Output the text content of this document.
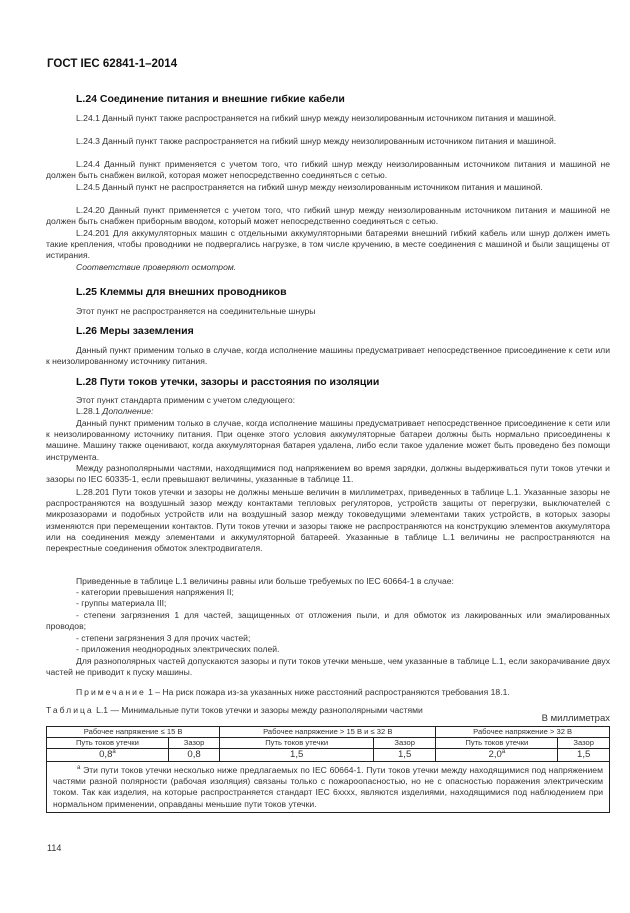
ГОСТ IEC 62841-1–2014
L.24 Соединение питания и внешние гибкие кабели
L.24.1 Данный пункт также распространяется на гибкий шнур между неизолированным источником питания и машиной.
L.24.3 Данный пункт также распространяется на гибкий шнур между неизолированным источником питания и машиной.
L.24.4 Данный пункт применяется с учетом того, что гибкий шнур между неизолированным источником питания и машиной не должен быть снабжен вилкой, которая может непосредственно соединяться с сетью.
L.24.5 Данный пункт не распространяется на гибкий шнур между неизолированным источником питания и машиной.
L.24.20 Данный пункт применяется с учетом того, что гибкий шнур между неизолированным источником питания и машиной не должен быть снабжен приборным вводом, который может непосредственно соединяться с сетью.
L.24.201 Для аккумуляторных машин с отдельными аккумуляторными батареями внешний гибкий кабель или шнур должен иметь такие крепления, чтобы проводники не подвергались нагрузке, в том числе кручению, в месте соединения с машиной и были защищены от истирания.
Соответствие проверяют осмотром.
L.25 Клеммы для внешних проводников
Этот пункт не распространяется на соединительные шнуры
L.26 Меры заземления
Данный пункт применим только в случае, когда исполнение машины предусматривает непосредственное присоединение к сети или к неизолированному источнику питания.
L.28 Пути токов утечки, зазоры и расстояния по изоляции
Этот пункт стандарта применим с учетом следующего:
L.28.1 Дополнение:
Данный пункт применим только в случае, когда исполнение машины предусматривает непосредственное присоединение к сети или к неизолированному источнику питания. При оценке этого условия аккумуляторные батареи должны быть нормально присоединены к машине. Машину также оценивают, когда аккумуляторная батарея удалена, либо если такое удаление может быть проведено без помощи инструмента.
Между разнополярными частями, находящимися под напряжением во время зарядки, должны выдерживаться пути токов утечки и зазоры по IEC 60335-1, если превышают величины, указанные в таблице 11.
L.28.201 Пути токов утечки и зазоры не должны меньше величин в миллиметрах, приведенных в таблице L.1. Указанные зазоры не распространяются на воздушный зазор между контактами тепловых регуляторов, устройств защиты от перегрузки, выключателей с микрозазорами и подобных устройств или на воздушный зазор между токоведущими элементами таких устройств, в которых зазоры изменяются при перемещении контактов. Пути токов утечки и зазоры также не распространяются на конструкцию элементов аккумулятора или на соединения между элементами и аккумуляторной батареей. Указанные в таблице L.1 величины не распространяются на перекрестные соединения обмоток электродвигателя.
Приведенные в таблице L.1 величины равны или больше требуемых по IEC 60664-1 в случае:
- категории превышения напряжения II;
- группы материала III;
- степени загрязнения 1 для частей, защищенных от отложения пыли, и для обмоток из лакированных или эмалированных проводов;
- степени загрязнения 3 для прочих частей;
- приложения неоднородных электрических полей.
Для разнополярных частей допускаются зазоры и пути токов утечки меньше, чем указанные в таблице L.1, если закорачивание двух частей не приводит к пуску машины.
Примечание 1 – На риск пожара из-за указанных ниже расстояний распространяются требования 18.1.
Таблица L.1 — Минимальные пути токов утечки и зазоры между разнополярными частями
В миллиметрах
Рабочее напряжение ≤ 15 В		Рабочее напряжение > 15 В и ≤ 32 В		Рабочее напряжение > 32 В	
Путь токов утечки	Зазор	Путь токов утечки	Зазор	Путь токов утечки	Зазор
0,8$^a$	0,8	1,5	1,5	2,0$^a$	1,5
$^a$ Эти пути токов утечки несколько ниже предлагаемых по IEC 60664-1. Пути токов утечки между находящимися под напряжением частями разной полярности (рабочая изоляция) связаны только с пожароопасностью, но не с опасностью поражения электрическим током. Так как изделия, на которые распространяется стандарт IEC 6xxxx, являются изделиями, находящимися под наблюдением при нормальном применении, оправданы меньшие пути токов утечки.					
114
